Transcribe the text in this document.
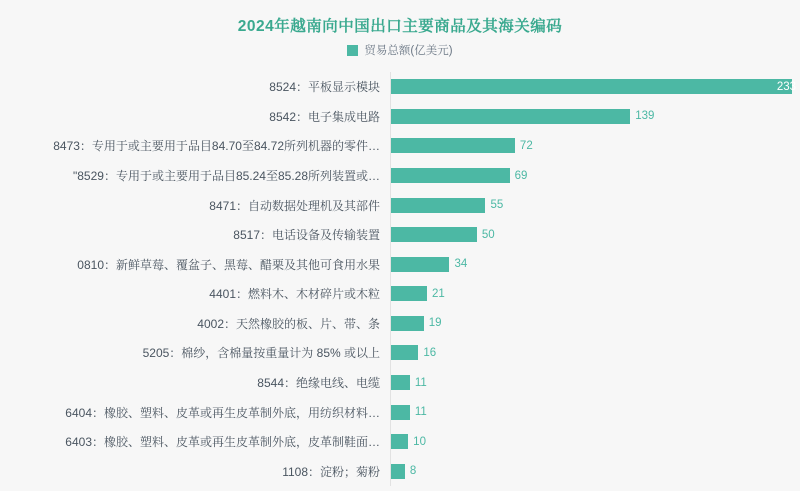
2024年越南向中国出口主要商品及其海关编码
贸易总额(亿美元)
8524：平板显示模块	233
8542：电子集成电路	139
8473：专用于或主要用于品目84.70至84.72所列机器的零件…	72
"8529：专用于或主要用于品目85.24至85.28所列装置或…	69
8471：自动数据处理机及其部件	55
8517：电话设备及传输装置	50
0810：新鲜草莓、覆盆子、黑莓、醋栗及其他可食用水果	34
4401：燃料木、木材碎片或木粒	21
4002：天然橡胶的板、片、带、条	19
5205：棉纱，含棉量按重量计为 85% 或以上	16
8544：绝缘电线、电缆	11
6404：橡胶、塑料、皮革或再生皮革制外底，用纺织材料…	11
6403：橡胶、塑料、皮革或再生皮革制外底，皮革制鞋面…	10
1108：淀粉；菊粉	8
